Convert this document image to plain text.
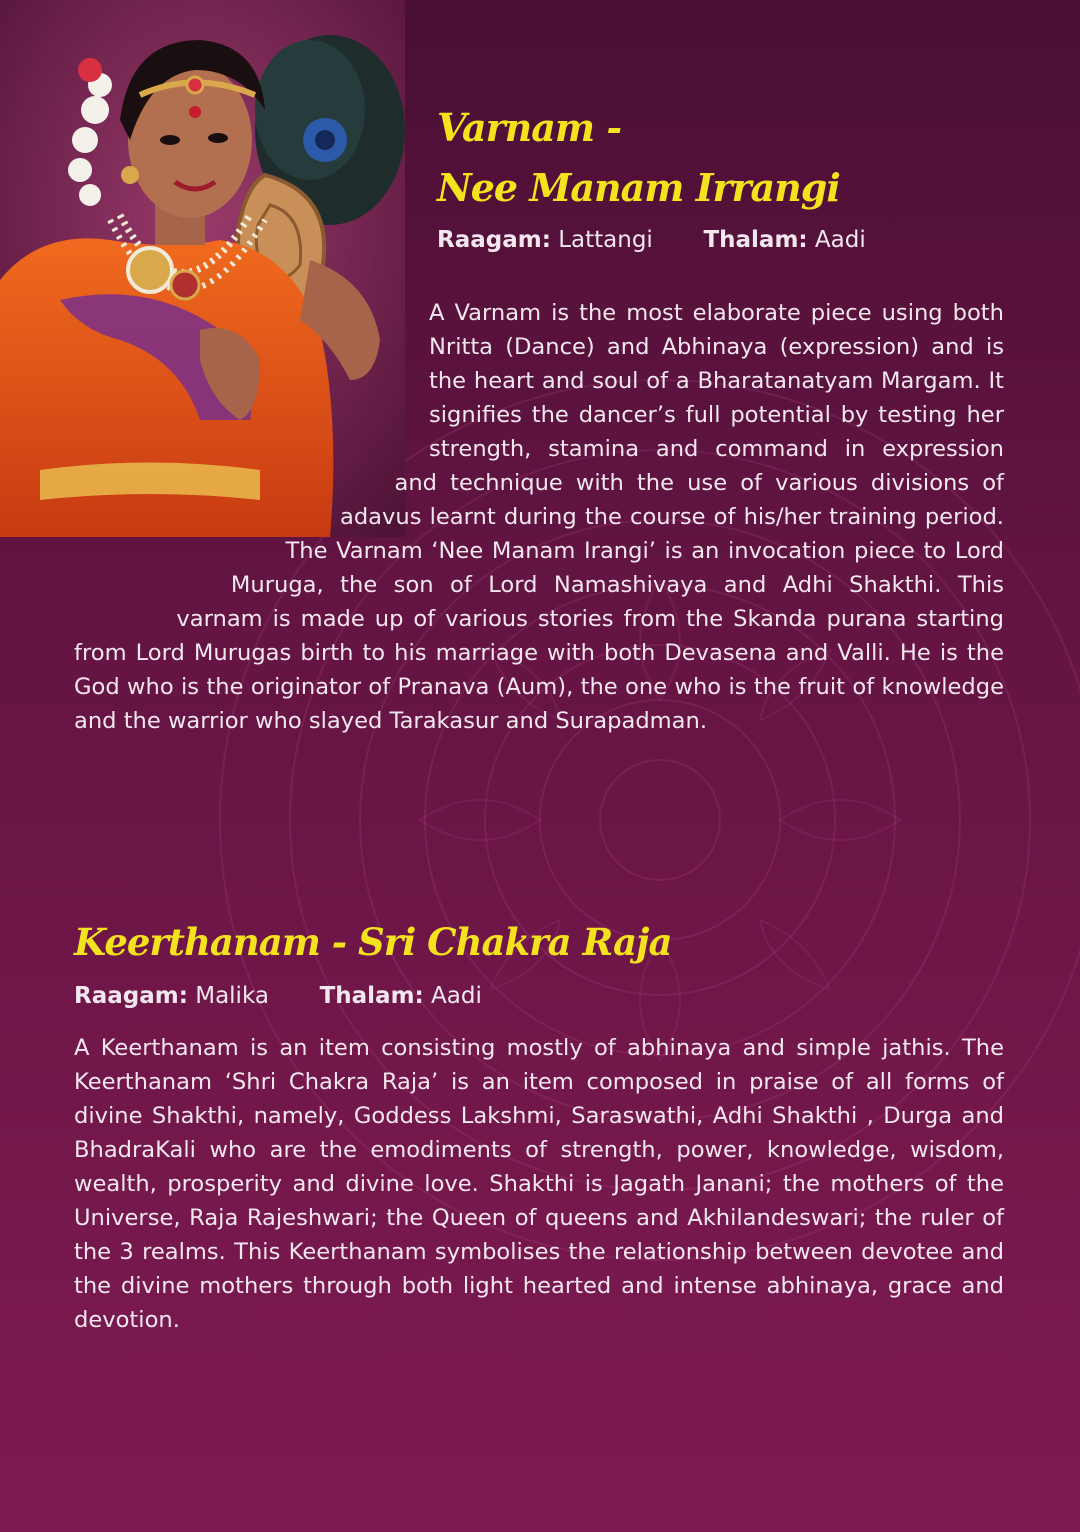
Varnam -
Nee Manam Irrangi
Raagam: Lattangi Thalam: Aadi
A Varnam is the most elaborate piece using both Nritta (Dance) and Abhinaya (expression) and is the heart and soul of a Bharatanatyam Margam. It signifies the dancer’s full potential by testing her strength, stamina and command in expression and technique with the use of various divisions of adavus learnt during the course of his/her training period. The Varnam ‘Nee Manam Irangi’ is an invocation piece to Lord Muruga, the son of Lord Namashivaya and Adhi Shakthi. This varnam is made up of various stories from the Skanda purana starting from Lord Murugas birth to his marriage with both Devasena and Valli. He is the God who is the originator of Pranava (Aum), the one who is the fruit of knowledge and the warrior who slayed Tarakasur and Surapadman.
Keerthanam - Sri Chakra Raja
Raagam: Malika Thalam: Aadi

A Keerthanam is an item consisting mostly of abhinaya and simple jathis. The Keerthanam ‘Shri Chakra Raja’ is an item composed in praise of all forms of divine Shakthi, namely, Goddess Lakshmi, Saraswathi, Adhi Shakthi , Durga and BhadraKali who are the emodiments of strength, power, knowledge, wisdom, wealth, prosperity and divine love. Shakthi is Jagath Janani; the mothers of the Universe, Raja Rajeshwari; the Queen of queens and Akhilandeswari; the ruler of the 3 realms. This Keerthanam symbolises the relationship between devotee and the divine mothers through both light hearted and intense abhinaya, grace and devotion.
